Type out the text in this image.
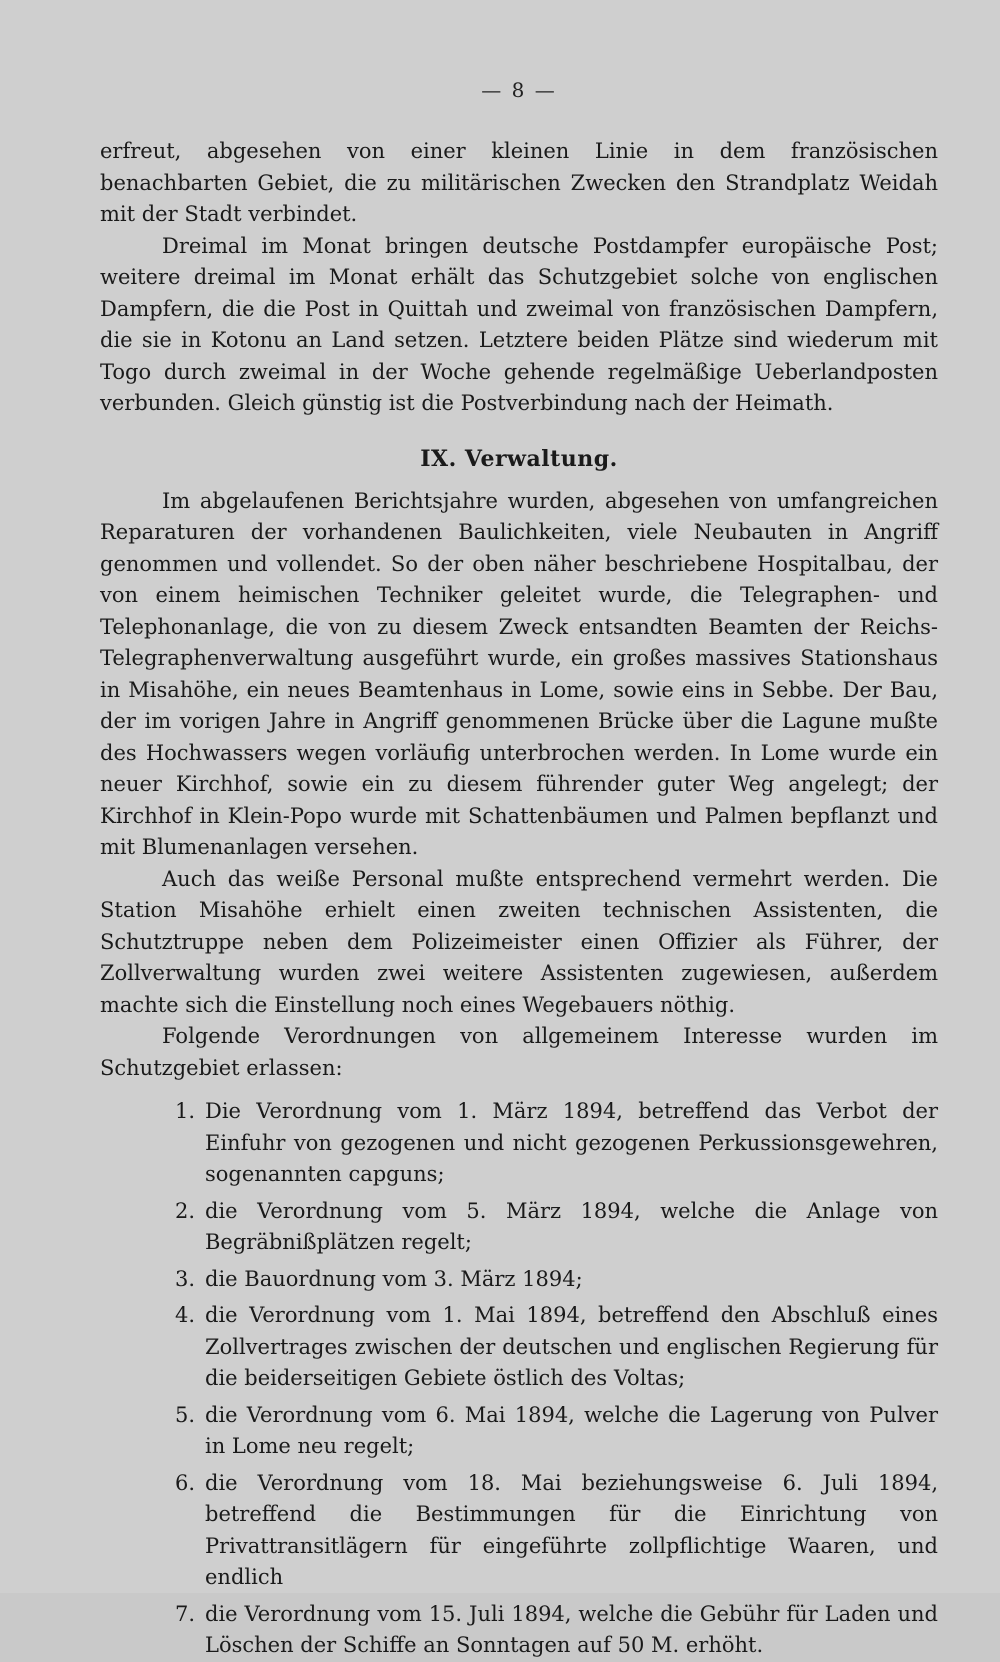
— 8 —

erfreut, abgesehen von einer kleinen Linie in dem französischen benachbarten Gebiet, die zu militärischen Zwecken den Strandplatz Weidah mit der Stadt verbindet.

Dreimal im Monat bringen deutsche Postdampfer europäische Post; weitere dreimal im Monat erhält das Schutzgebiet solche von englischen Dampfern, die die Post in Quittah und zweimal von französischen Dampfern, die sie in Kotonu an Land setzen. Letztere beiden Plätze sind wiederum mit Togo durch zweimal in der Woche gehende regelmäßige Ueberlandposten verbunden. Gleich günstig ist die Postverbindung nach der Heimath.

IX. Verwaltung.

Im abgelaufenen Berichtsjahre wurden, abgesehen von umfangreichen Reparaturen der vorhandenen Baulichkeiten, viele Neubauten in Angriff genommen und vollendet. So der oben näher beschriebene Hospitalbau, der von einem heimischen Techniker geleitet wurde, die Telegraphen- und Telephonanlage, die von zu diesem Zweck entsandten Beamten der Reichs-Telegraphenverwaltung ausgeführt wurde, ein großes massives Stationshaus in Misahöhe, ein neues Beamtenhaus in Lome, sowie eins in Sebbe. Der Bau, der im vorigen Jahre in Angriff genommenen Brücke über die Lagune mußte des Hochwassers wegen vorläufig unterbrochen werden. In Lome wurde ein neuer Kirchhof, sowie ein zu diesem führender guter Weg angelegt; der Kirchhof in Klein-Popo wurde mit Schattenbäumen und Palmen bepflanzt und mit Blumenanlagen versehen.

Auch das weiße Personal mußte entsprechend vermehrt werden. Die Station Misahöhe erhielt einen zweiten technischen Assistenten, die Schutztruppe neben dem Polizeimeister einen Offizier als Führer, der Zollverwaltung wurden zwei weitere Assistenten zugewiesen, außerdem machte sich die Einstellung noch eines Wegebauers nöthig.

Folgende Verordnungen von allgemeinem Interesse wurden im Schutzgebiet erlassen:

1. Die Verordnung vom 1. März 1894, betreffend das Verbot der Einfuhr von gezogenen und nicht gezogenen Perkussionsgewehren, sogenannten capguns;
2. die Verordnung vom 5. März 1894, welche die Anlage von Begräbnißplätzen regelt;
3. die Bauordnung vom 3. März 1894;
4. die Verordnung vom 1. Mai 1894, betreffend den Abschluß eines Zollvertrages zwischen der deutschen und englischen Regierung für die beiderseitigen Gebiete östlich des Voltas;
5. die Verordnung vom 6. Mai 1894, welche die Lagerung von Pulver in Lome neu regelt;
6. die Verordnung vom 18. Mai beziehungsweise 6. Juli 1894, betreffend die Bestimmungen für die Einrichtung von Privattransitlägern für eingeführte zollpflichtige Waaren, und endlich
7. die Verordnung vom 15. Juli 1894, welche die Gebühr für Laden und Löschen der Schiffe an Sonntagen auf 50 M. erhöht.
